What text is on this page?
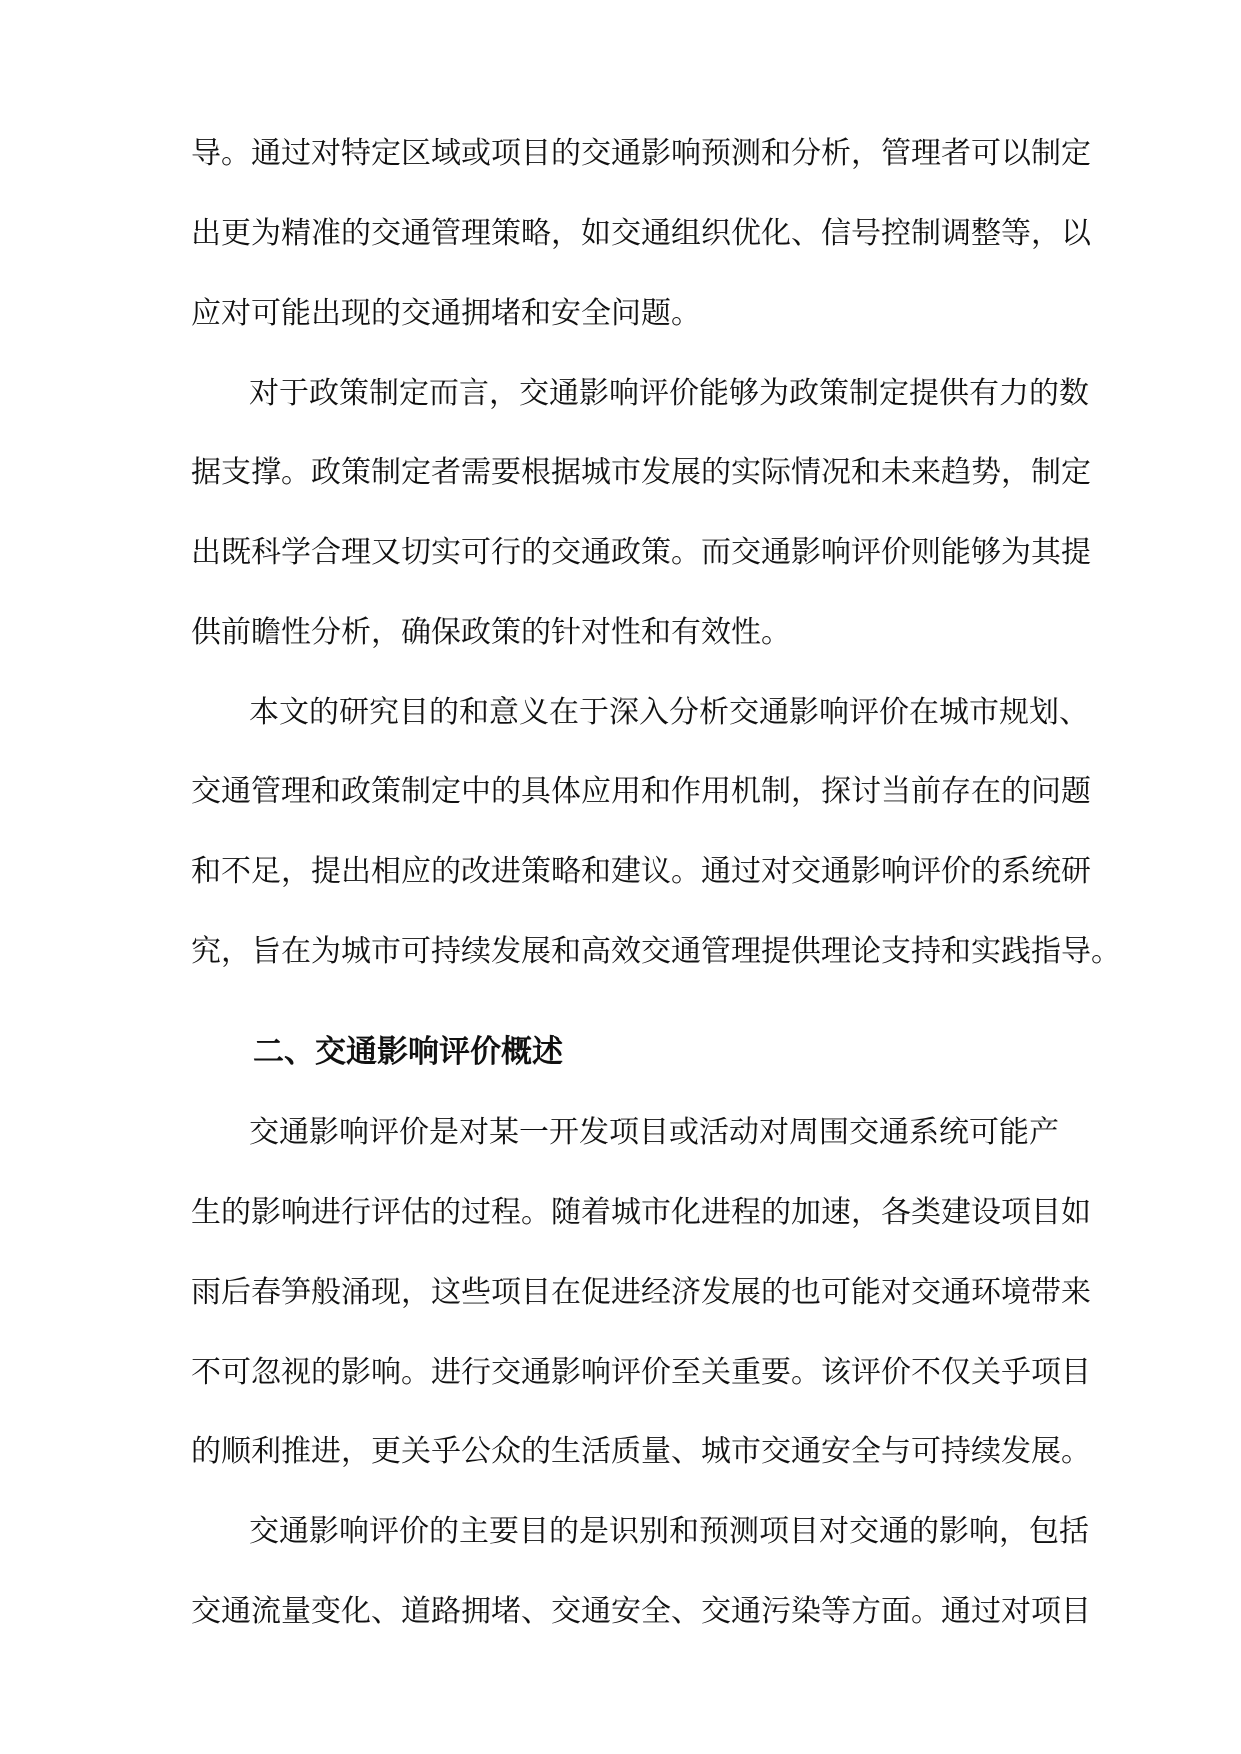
导。通过对特定区域或项目的交通影响预测和分析，管理者可以制定
出更为精准的交通管理策略，如交通组织优化、信号控制调整等，以
应对可能出现的交通拥堵和安全问题。
对于政策制定而言，交通影响评价能够为政策制定提供有力的数
据支撑。政策制定者需要根据城市发展的实际情况和未来趋势，制定
出既科学合理又切实可行的交通政策。而交通影响评价则能够为其提
供前瞻性分析，确保政策的针对性和有效性。
本文的研究目的和意义在于深入分析交通影响评价在城市规划、
交通管理和政策制定中的具体应用和作用机制，探讨当前存在的问题
和不足，提出相应的改进策略和建议。通过对交通影响评价的系统研
究，旨在为城市可持续发展和高效交通管理提供理论支持和实践指导。
二、交通影响评价概述
交通影响评价是对某一开发项目或活动对周围交通系统可能产
生的影响进行评估的过程。随着城市化进程的加速，各类建设项目如
雨后春笋般涌现，这些项目在促进经济发展的也可能对交通环境带来
不可忽视的影响。进行交通影响评价至关重要。该评价不仅关乎项目
的顺利推进，更关乎公众的生活质量、城市交通安全与可持续发展。
交通影响评价的主要目的是识别和预测项目对交通的影响，包括
交通流量变化、道路拥堵、交通安全、交通污染等方面。通过对项目
